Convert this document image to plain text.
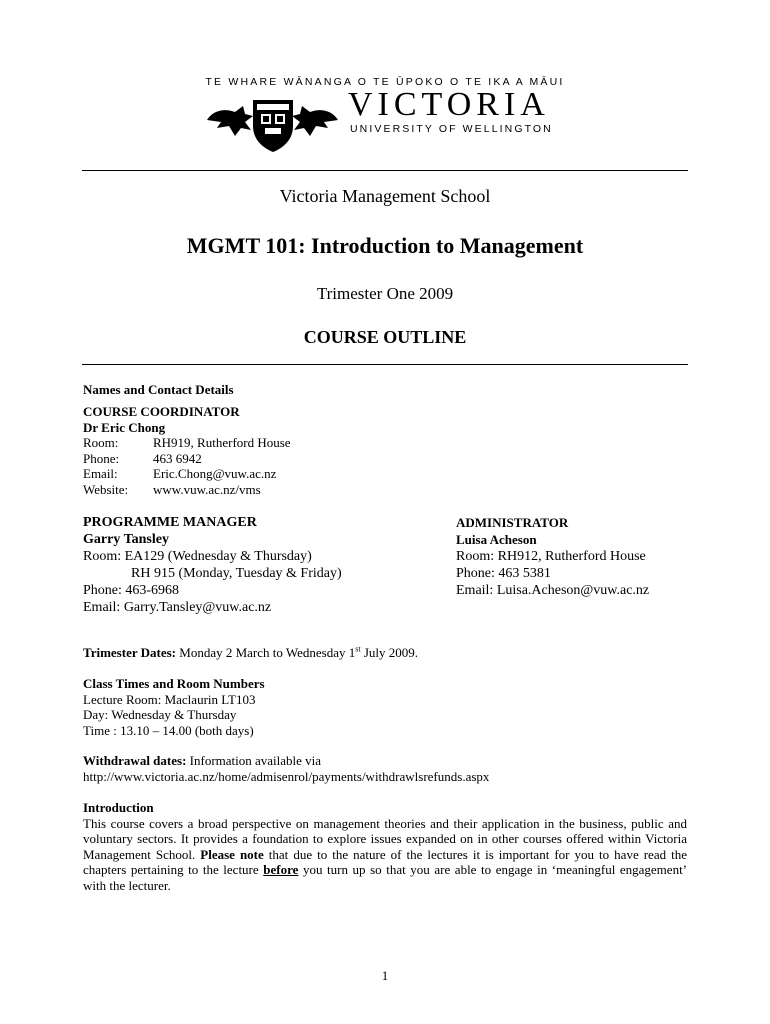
TE WHARE WĀNANGA O TE ŪPOKO O TE IKA A MĀUI
VICTORIA
UNIVERSITY OF WELLINGTON
Victoria Management School
MGMT 101: Introduction to Management
Trimester One 2009
COURSE OUTLINE
Names and Contact Details
COURSE COORDINATOR
Dr Eric Chong
Room:	RH919, Rutherford House
Phone:	463 6942
Email:	Eric.Chong@vuw.ac.nz
Website: www.vuw.ac.nz/vms
PROGRAMME MANAGER
Garry Tansley
Room: EA129 (Wednesday & Thursday)
RH 915 (Monday, Tuesday & Friday)
Phone: 463-6968
Email: Garry.Tansley@vuw.ac.nz
ADMINISTRATOR
Luisa Acheson
Room: RH912, Rutherford House
Phone: 463 5381
Email: Luisa.Acheson@vuw.ac.nz
Trimester Dates: Monday 2 March to Wednesday 1st July 2009.
Class Times and Room Numbers
Lecture Room: Maclaurin LT103
Day: Wednesday & Thursday
Time : 13.10 – 14.00 (both days)
Withdrawal dates: Information available via
http://www.victoria.ac.nz/home/admisenrol/payments/withdrawlsrefunds.aspx
Introduction
This course covers a broad perspective on management theories and their application in the business, public and voluntary sectors. It provides a foundation to explore issues expanded on in other courses offered within Victoria Management School. Please note that due to the nature of the lectures it is important for you to have read the chapters pertaining to the lecture before you turn up so that you are able to engage in ‘meaningful engagement’ with the lecturer.
1
